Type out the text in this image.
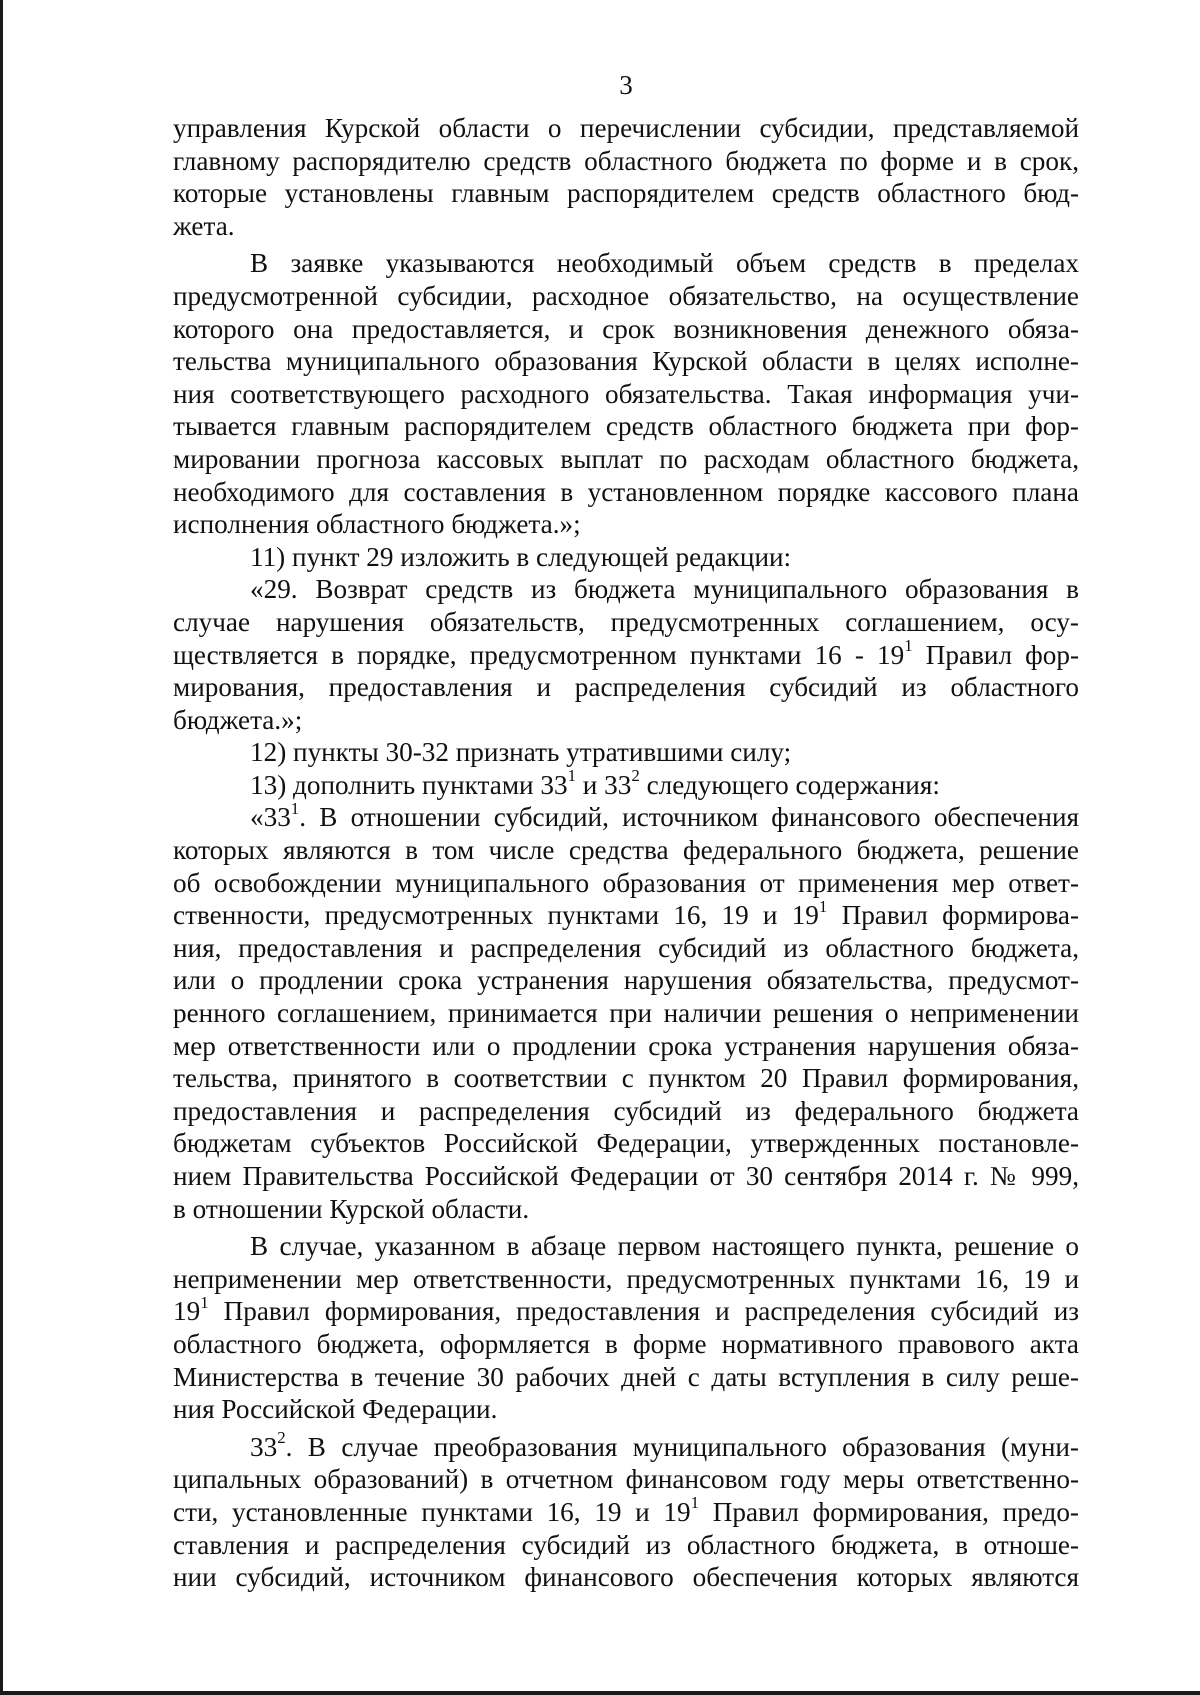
3
управления Курской области о перечислении субсидии, представляемой
главному распорядителю средств областного бюджета по форме и в срок,
которые установлены главным распорядителем средств областного бюд-
жета.
В заявке указываются необходимый объем средств в пределах
предусмотренной субсидии, расходное обязательство, на осуществление
которого она предоставляется, и срок возникновения денежного обяза-
тельства муниципального образования Курской области в целях исполне-
ния соответствующего расходного обязательства. Такая информация учи-
тывается главным распорядителем средств областного бюджета при фор-
мировании прогноза кассовых выплат по расходам областного бюджета,
необходимого для составления в установленном порядке кассового плана
исполнения областного бюджета.»;
11) пункт 29 изложить в следующей редакции:
«29. Возврат средств из бюджета муниципального образования в
случае нарушения обязательств, предусмотренных соглашением, осу-
ществляется в порядке, предусмотренном пунктами $16 - 19^1$ Правил фор-
мирования, предоставления и распределения субсидий из областного
бюджета.»;
12) пункты 30-32 признать утратившими силу;
13) дополнить пунктами $33^1$ и $33^2$ следующего содержания:
«$33^1$. В отношении субсидий, источником финансового обеспечения
которых являются в том числе средства федерального бюджета, решение
об освобождении муниципального образования от применения мер ответ-
ственности, предусмотренных пунктами 16, 19 и $19^1$ Правил формирова-
ния, предоставления и распределения субсидий из областного бюджета,
или о продлении срока устранения нарушения обязательства, предусмот-
ренного соглашением, принимается при наличии решения о неприменении
мер ответственности или о продлении срока устранения нарушения обяза-
тельства, принятого в соответствии с пунктом 20 Правил формирования,
предоставления и распределения субсидий из федерального бюджета
бюджетам субъектов Российской Федерации, утвержденных постановле-
нием Правительства Российской Федерации от 30 сентября 2014 г. № 999,
в отношении Курской области.
В случае, указанном в абзаце первом настоящего пункта, решение о
неприменении мер ответственности, предусмотренных пунктами 16, 19 и
$19^1$ Правил формирования, предоставления и распределения субсидий из
областного бюджета, оформляется в форме нормативного правового акта
Министерства в течение 30 рабочих дней с даты вступления в силу реше-
ния Российской Федерации.
$33^2$. В случае преобразования муниципального образования (муни-
ципальных образований) в отчетном финансовом году меры ответственно-
сти, установленные пунктами 16, 19 и $19^1$ Правил формирования, предо-
ставления и распределения субсидий из областного бюджета, в отноше-
нии субсидий, источником финансового обеспечения которых являются
